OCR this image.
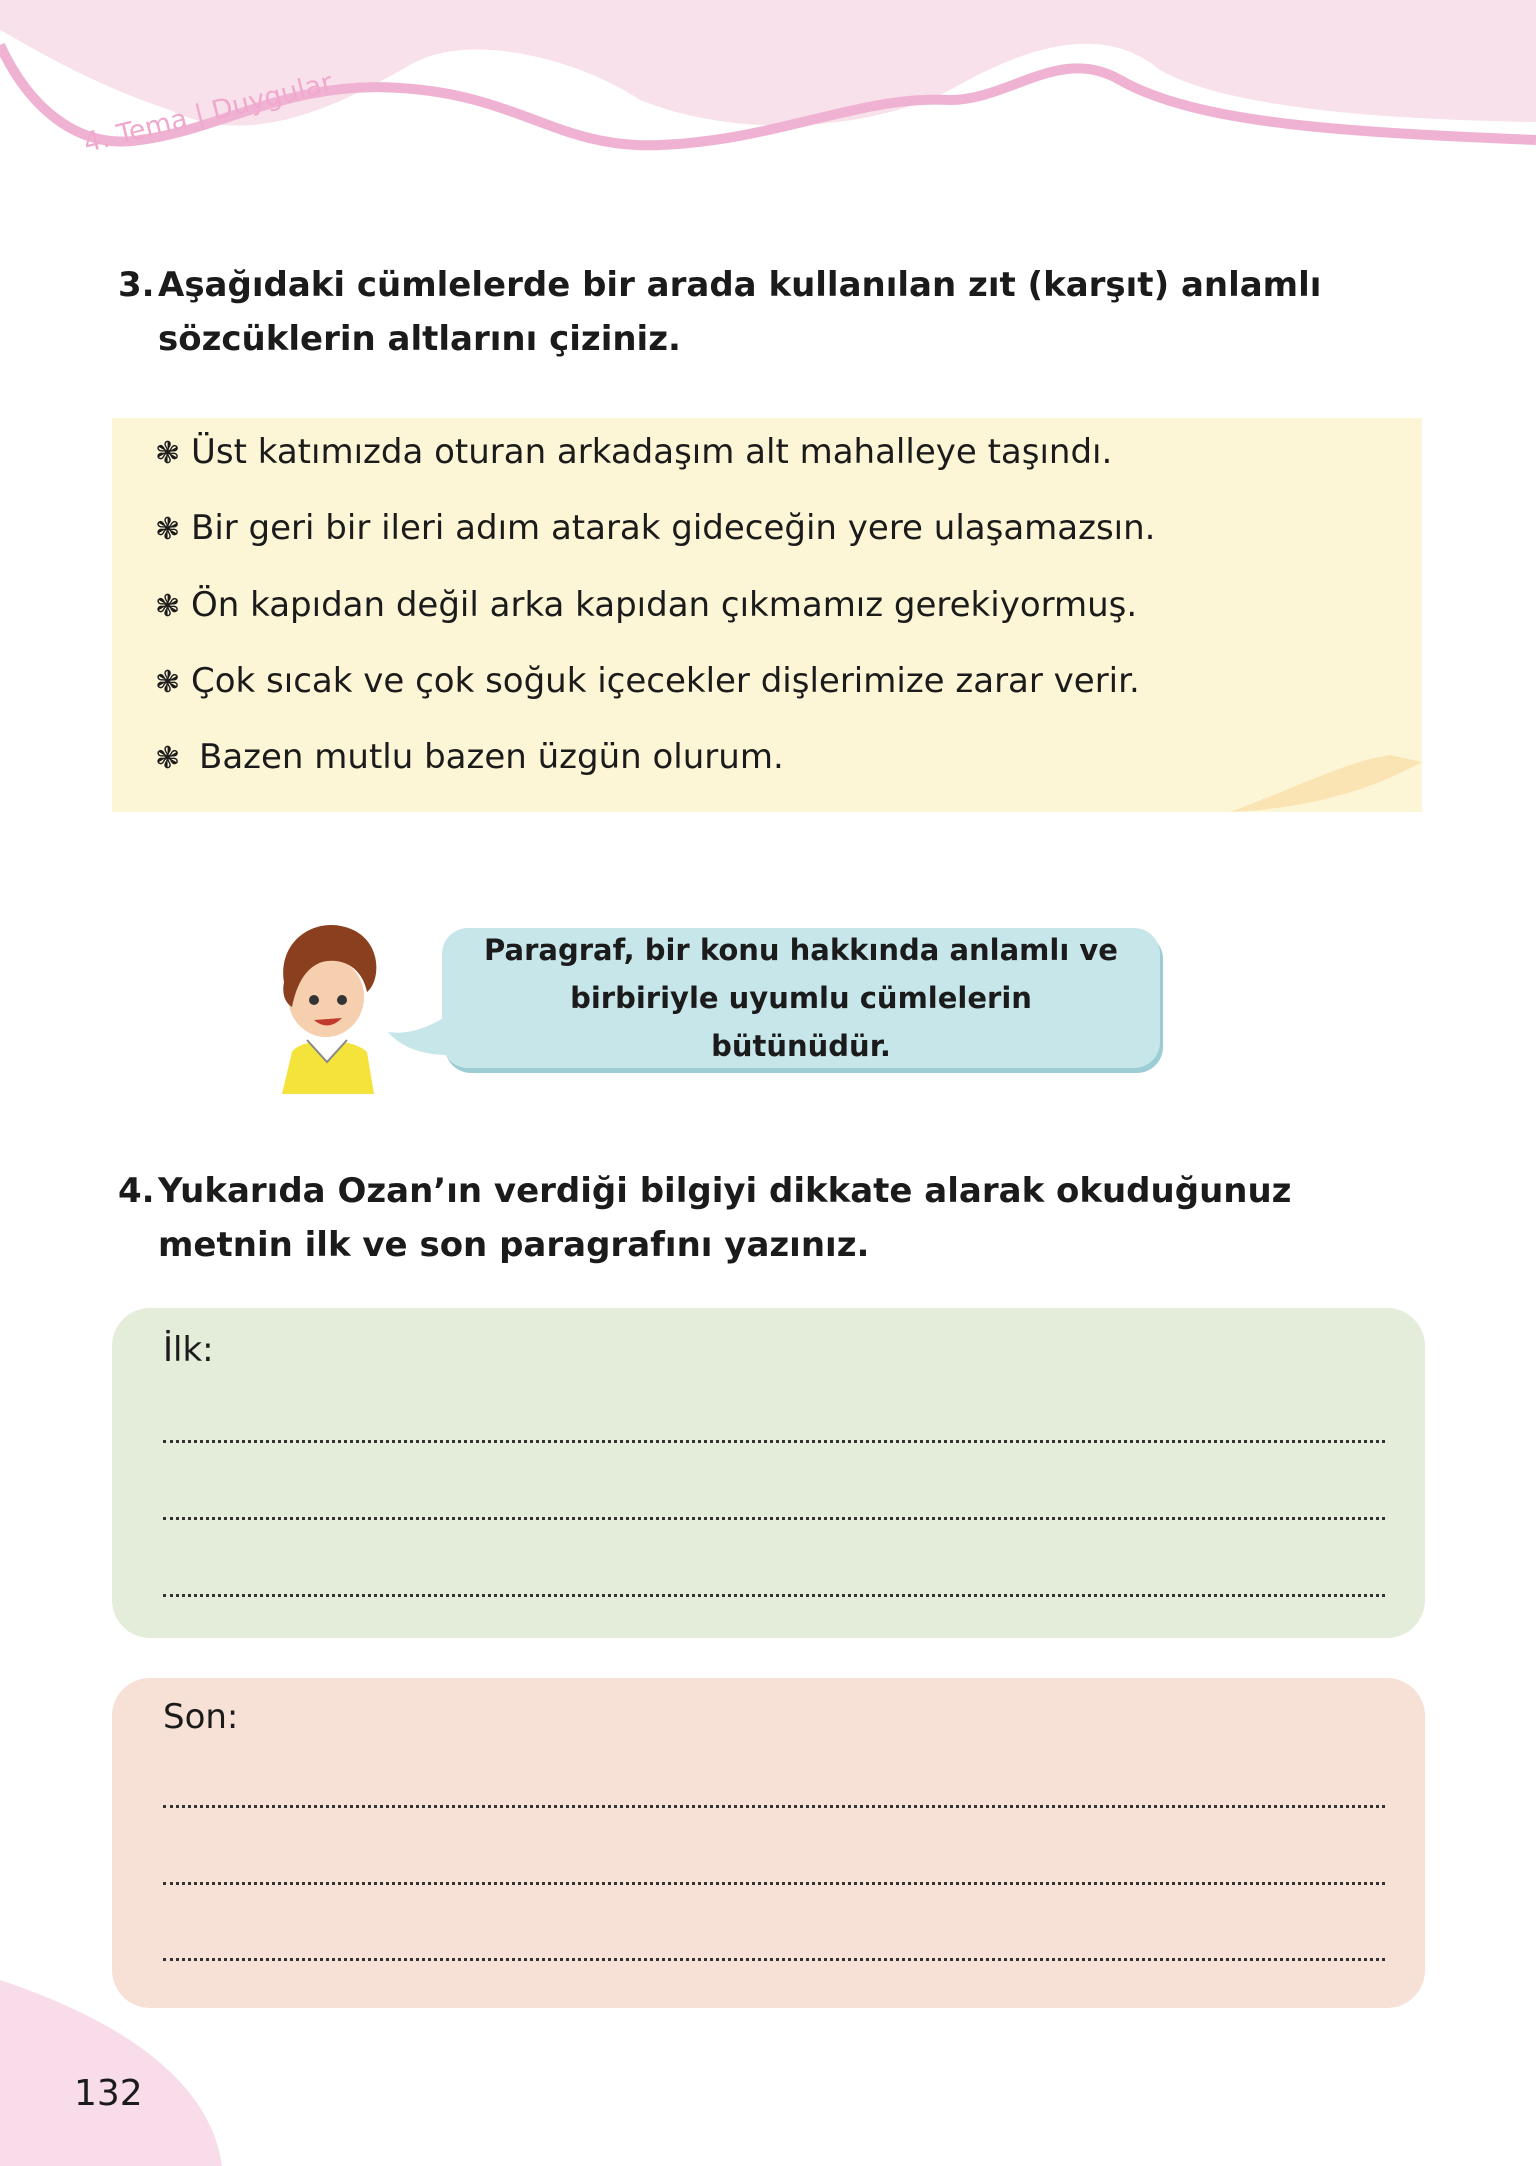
4. Tema | Duygular
3. Aşağıdaki cümlelerde bir arada kullanılan zıt (karşıt) anlamlı sözcüklerin altlarını çiziniz.
❃ Üst katımızda oturan arkadaşım alt mahalleye taşındı.
❃ Bir geri bir ileri adım atarak gideceğin yere ulaşamazsın.
❃ Ön kapıdan değil arka kapıdan çıkmamız gerekiyormuş.
❃ Çok sıcak ve çok soğuk içecekler dişlerimize zarar verir.
❃ Bazen mutlu bazen üzgün olurum.
Paragraf, bir konu hakkında anlamlı ve birbiriyle uyumlu cümlelerin bütünüdür.
4. Yukarıda Ozan’ın verdiği bilgiyi dikkate alarak okuduğunuz metnin ilk ve son paragrafını yazınız.
İlk:
Son:
132
